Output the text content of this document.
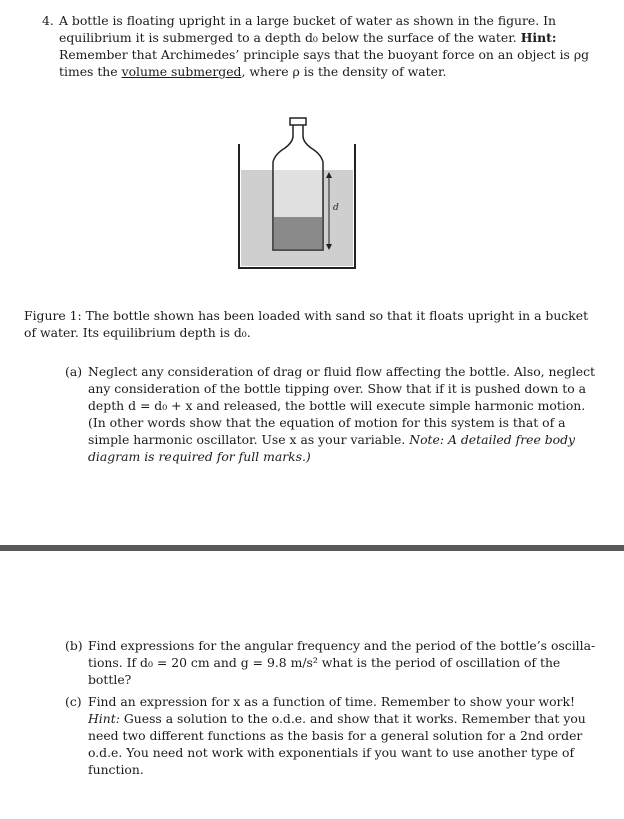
4. A bottle is floating upright in a large bucket of water as shown in the figure. In
equilibrium it is submerged to a depth d₀ below the surface of the water. Hint:
Remember that Archimedes’ principle says that the buoyant force on an object is ρg
times the volume submerged, where ρ is the density of water.
d
Figure 1: The bottle shown has been loaded with sand so that it floats upright in a bucket
of water. Its equilibrium depth is d₀.
(a) Neglect any consideration of drag or fluid flow affecting the bottle. Also, neglect
any consideration of the bottle tipping over. Show that if it is pushed down to a
depth d = d₀ + x and released, the bottle will execute simple harmonic motion.
(In other words show that the equation of motion for this system is that of a
simple harmonic oscillator. Use x as your variable. Note: A detailed free body
diagram is required for full marks.)
(b) Find expressions for the angular frequency and the period of the bottle’s oscilla-
tions. If d₀ = 20 cm and g = 9.8 m/s² what is the period of oscillation of the
bottle?
(c) Find an expression for x as a function of time. Remember to show your work!
Hint: Guess a solution to the o.d.e. and show that it works. Remember that you
need two different functions as the basis for a general solution for a 2nd order
o.d.e. You need not work with exponentials if you want to use another type of
function.
